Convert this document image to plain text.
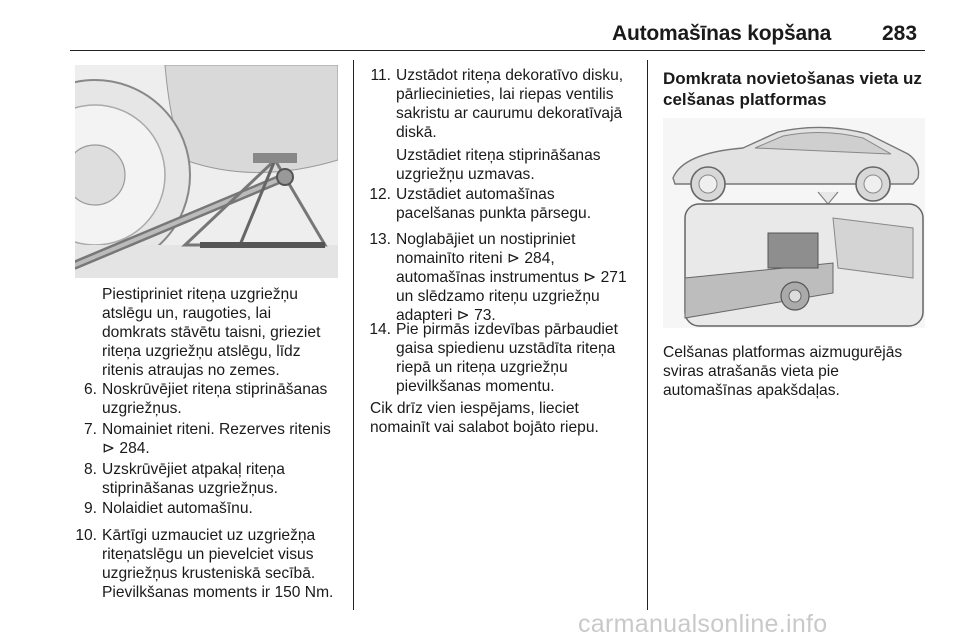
Automašīnas kopšana 283
Piestipriniet riteņa uzgriežņu
atslēgu un, raugoties, lai
domkrats stāvētu taisni, grieziet
riteņa uzgriežņu atslēgu, līdz
ritenis atraujas no zemes.
6. Noskrūvējiet riteņa stiprināšanas
uzgriežņus.
7. Nomainiet riteni. Rezerves ritenis
⊳ 284.
8. Uzskrūvējiet atpakaļ riteņa
stiprināšanas uzgriežņus.
9. Nolaidiet automašīnu.
10. Kārtīgi uzmauciet uz uzgriežņa
riteņatslēgu un pievelciet visus
uzgriežņus krusteniskā secībā.
Pievilkšanas moments ir 150 Nm.
11. Uzstādot riteņa dekoratīvo disku,
pārliecinieties, lai riepas ventilis
sakristu ar caurumu dekoratīvajā
diskā.
Uzstādiet riteņa stiprināšanas
uzgriežņu uzmavas.
12. Uzstādiet automašīnas
pacelšanas punkta pārsegu.
13. Noglabājiet un nostipriniet
nomainīto riteni ⊳ 284,
automašīnas instrumentus ⊳ 271
un slēdzamo riteņu uzgriežņu
adapteri ⊳ 73.
14. Pie pirmās izdevības pārbaudiet
gaisa spiedienu uzstādīta riteņa
riepā un riteņa uzgriežņu
pievilkšanas momentu.
Cik drīz vien iespējams, lieciet
nomainīt vai salabot bojāto riepu.
Domkrata novietošanas vieta uz
celšanas platformas
Celšanas platformas aizmugurējās
sviras atrašanās vieta pie
automašīnas apakšdaļas.
carmanualsonline.info
